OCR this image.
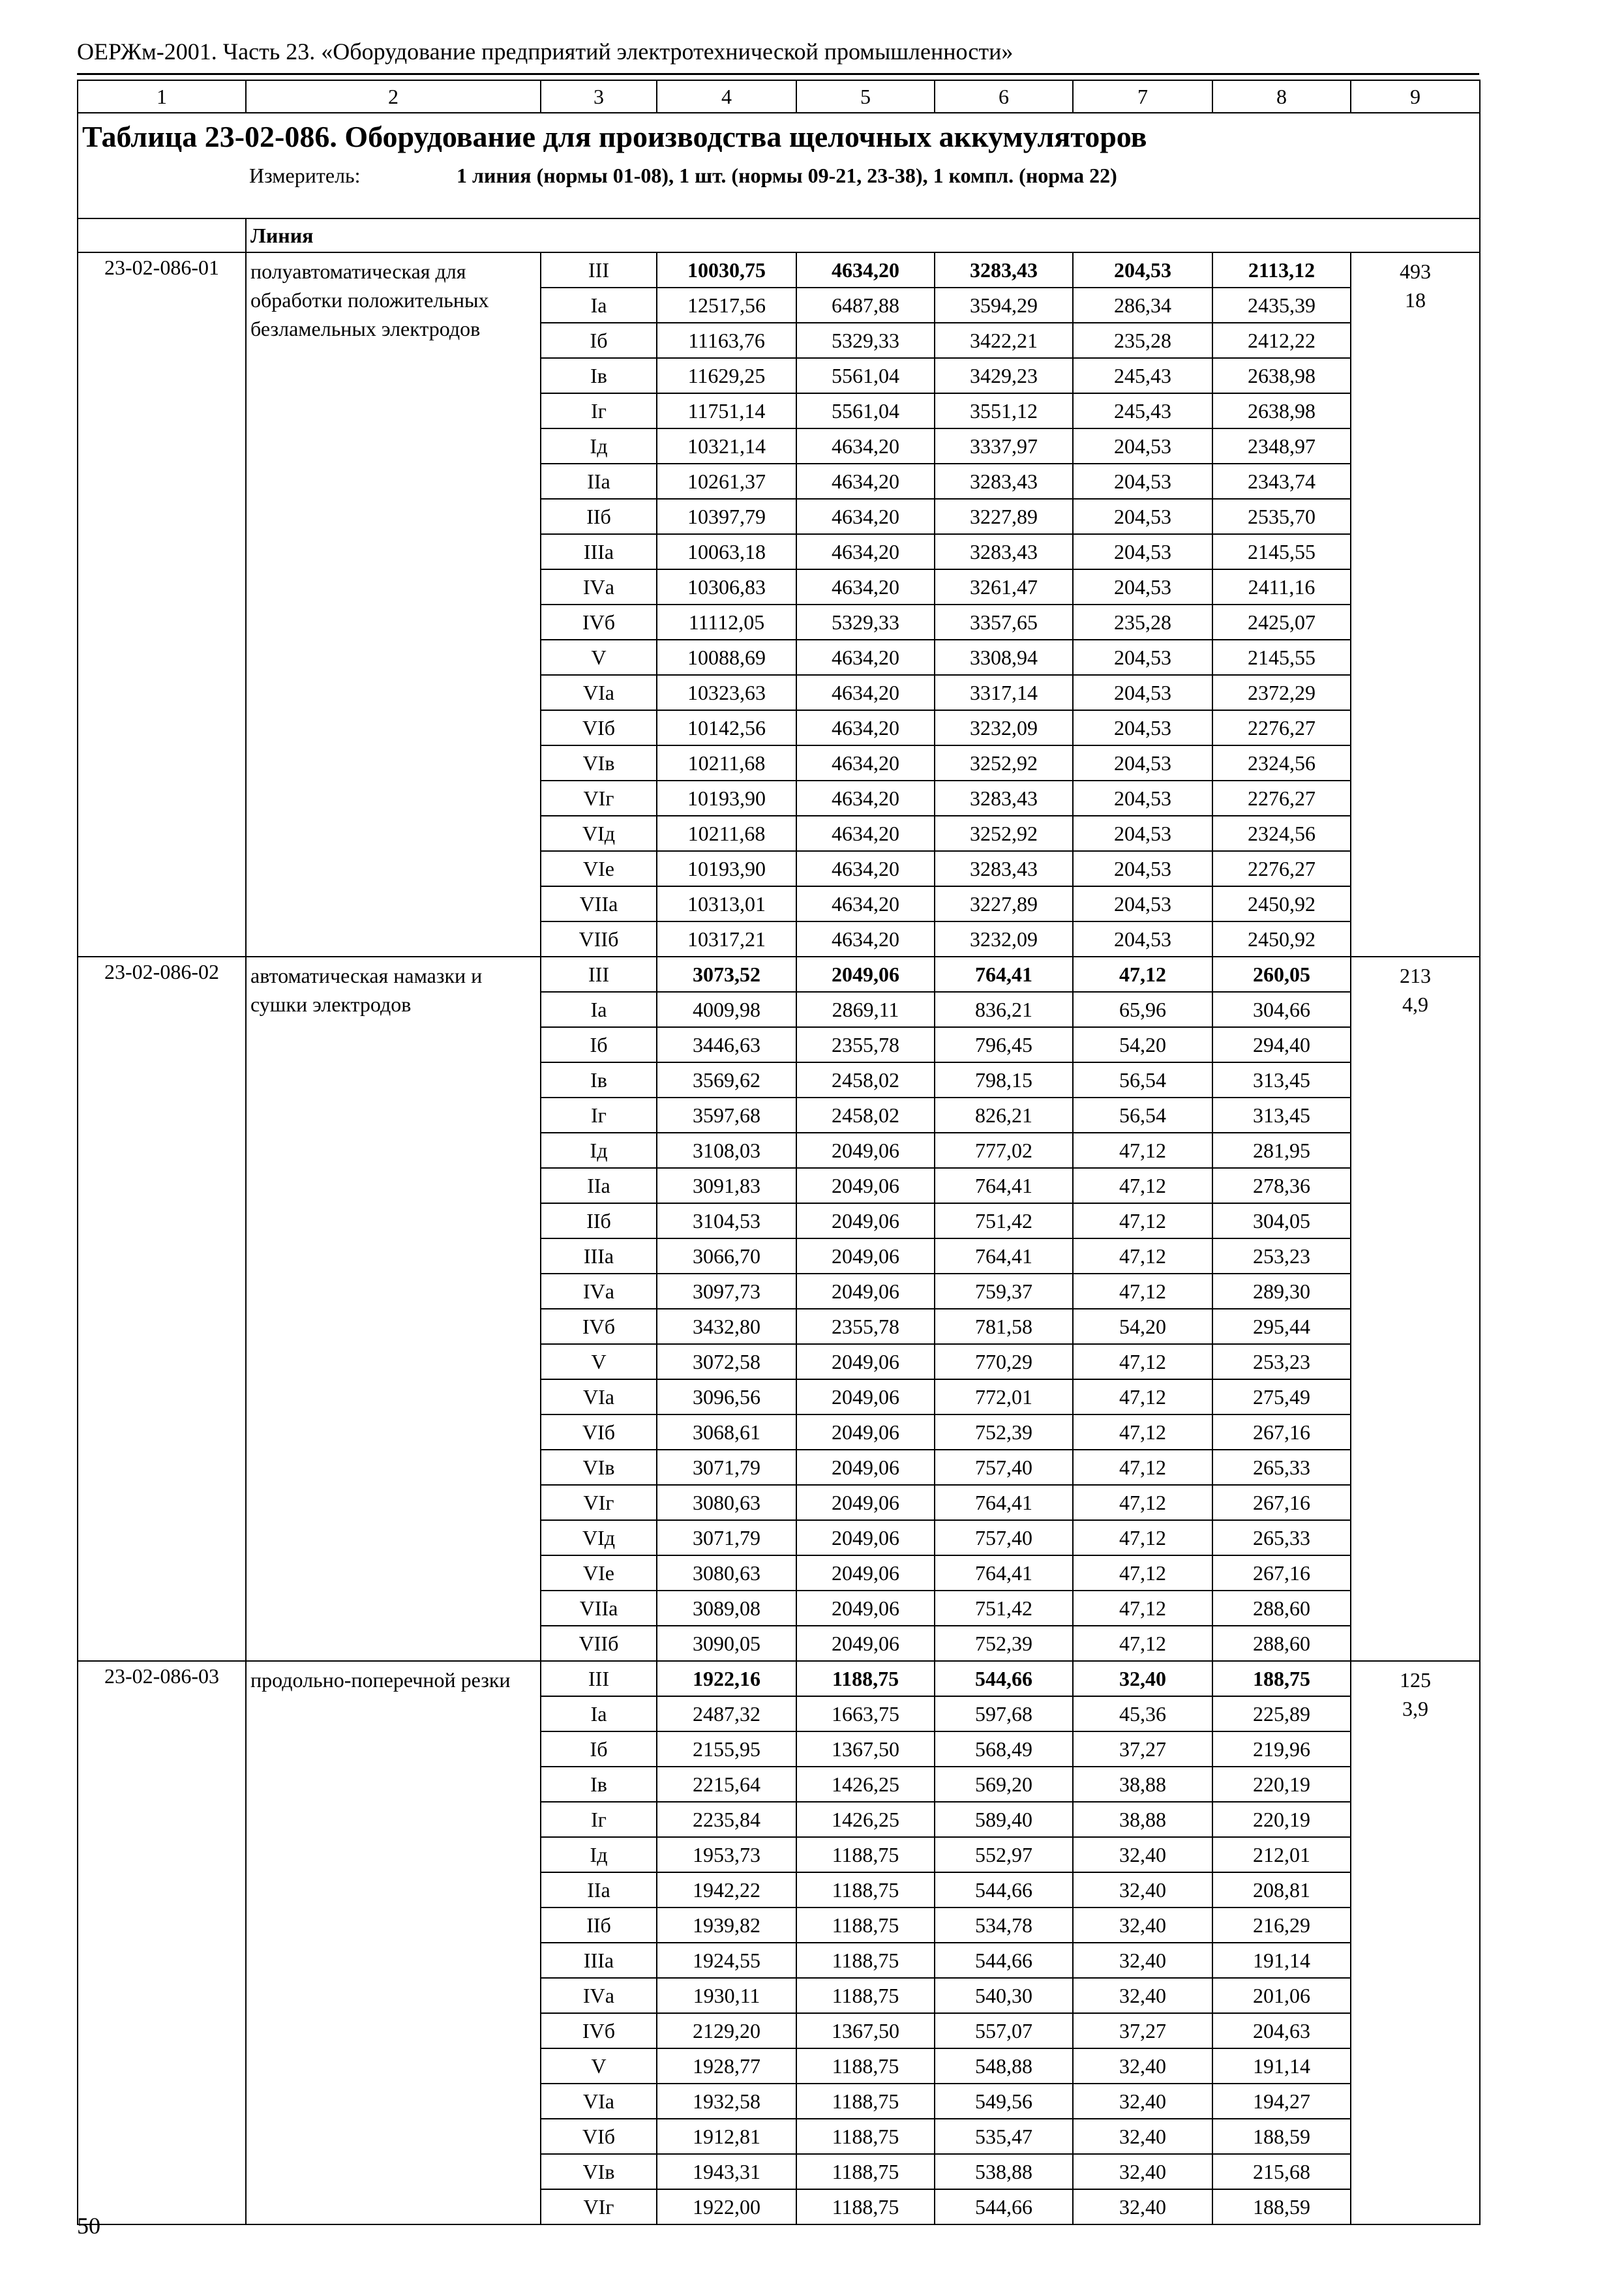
ОЕРЖм-2001. Часть 23. «Оборудование предприятий электротехнической промышленности»
1	2	3	4	5	6	7	8	9

Таблица 23-02-086. Оборудование для производства щелочных аккумуляторов
Измеритель: 1 линия (нормы 01-08), 1 шт. (нормы 09-21, 23-38), 1 компл. (норма 22)								

	Линия							
23-02-086-01	полуавтоматическая для обработки положительных безламельных электродов	III	10030,75	4634,20	3283,43	204,53	2113,12	493
18

		Iа	12517,56	6487,88	3594,29	286,34	2435,39	
		Iб	11163,76	5329,33	3422,21	235,28	2412,22	
		Iв	11629,25	5561,04	3429,23	245,43	2638,98	
		Iг	11751,14	5561,04	3551,12	245,43	2638,98	
		Iд	10321,14	4634,20	3337,97	204,53	2348,97	
		IIа	10261,37	4634,20	3283,43	204,53	2343,74	
		IIб	10397,79	4634,20	3227,89	204,53	2535,70	
		IIIа	10063,18	4634,20	3283,43	204,53	2145,55	
		IVа	10306,83	4634,20	3261,47	204,53	2411,16	
		IVб	11112,05	5329,33	3357,65	235,28	2425,07	
		V	10088,69	4634,20	3308,94	204,53	2145,55	
		VIа	10323,63	4634,20	3317,14	204,53	2372,29	
		VIб	10142,56	4634,20	3232,09	204,53	2276,27	
		VIв	10211,68	4634,20	3252,92	204,53	2324,56	
		VIг	10193,90	4634,20	3283,43	204,53	2276,27	
		VIд	10211,68	4634,20	3252,92	204,53	2324,56	
		VIе	10193,90	4634,20	3283,43	204,53	2276,27	
		VIIа	10313,01	4634,20	3227,89	204,53	2450,92	
		VIIб	10317,21	4634,20	3232,09	204,53	2450,92	
23-02-086-02	автоматическая намазки и сушки электродов	III	3073,52	2049,06	764,41	47,12	260,05	213
4,9

		Iа	4009,98	2869,11	836,21	65,96	304,66	
		Iб	3446,63	2355,78	796,45	54,20	294,40	
		Iв	3569,62	2458,02	798,15	56,54	313,45	
		Iг	3597,68	2458,02	826,21	56,54	313,45	
		Iд	3108,03	2049,06	777,02	47,12	281,95	
		IIа	3091,83	2049,06	764,41	47,12	278,36	
		IIб	3104,53	2049,06	751,42	47,12	304,05	
		IIIа	3066,70	2049,06	764,41	47,12	253,23	
		IVа	3097,73	2049,06	759,37	47,12	289,30	
		IVб	3432,80	2355,78	781,58	54,20	295,44	
		V	3072,58	2049,06	770,29	47,12	253,23	
		VIа	3096,56	2049,06	772,01	47,12	275,49	
		VIб	3068,61	2049,06	752,39	47,12	267,16	
		VIв	3071,79	2049,06	757,40	47,12	265,33	
		VIг	3080,63	2049,06	764,41	47,12	267,16	
		VIд	3071,79	2049,06	757,40	47,12	265,33	
		VIе	3080,63	2049,06	764,41	47,12	267,16	
		VIIа	3089,08	2049,06	751,42	47,12	288,60	
		VIIб	3090,05	2049,06	752,39	47,12	288,60	
23-02-086-03	продольно-поперечной резки	III	1922,16	1188,75	544,66	32,40	188,75	125
3,9

		Iа	2487,32	1663,75	597,68	45,36	225,89	
		Iб	2155,95	1367,50	568,49	37,27	219,96	
		Iв	2215,64	1426,25	569,20	38,88	220,19	
		Iг	2235,84	1426,25	589,40	38,88	220,19	
		Iд	1953,73	1188,75	552,97	32,40	212,01	
		IIа	1942,22	1188,75	544,66	32,40	208,81	
		IIб	1939,82	1188,75	534,78	32,40	216,29	
		IIIа	1924,55	1188,75	544,66	32,40	191,14	
		IVа	1930,11	1188,75	540,30	32,40	201,06	
		IVб	2129,20	1367,50	557,07	37,27	204,63	
		V	1928,77	1188,75	548,88	32,40	191,14	
		VIа	1932,58	1188,75	549,56	32,40	194,27	
		VIб	1912,81	1188,75	535,47	32,40	188,59	
		VIв	1943,31	1188,75	538,88	32,40	215,68	
		VIг	1922,00	1188,75	544,66	32,40	188,59	
50
